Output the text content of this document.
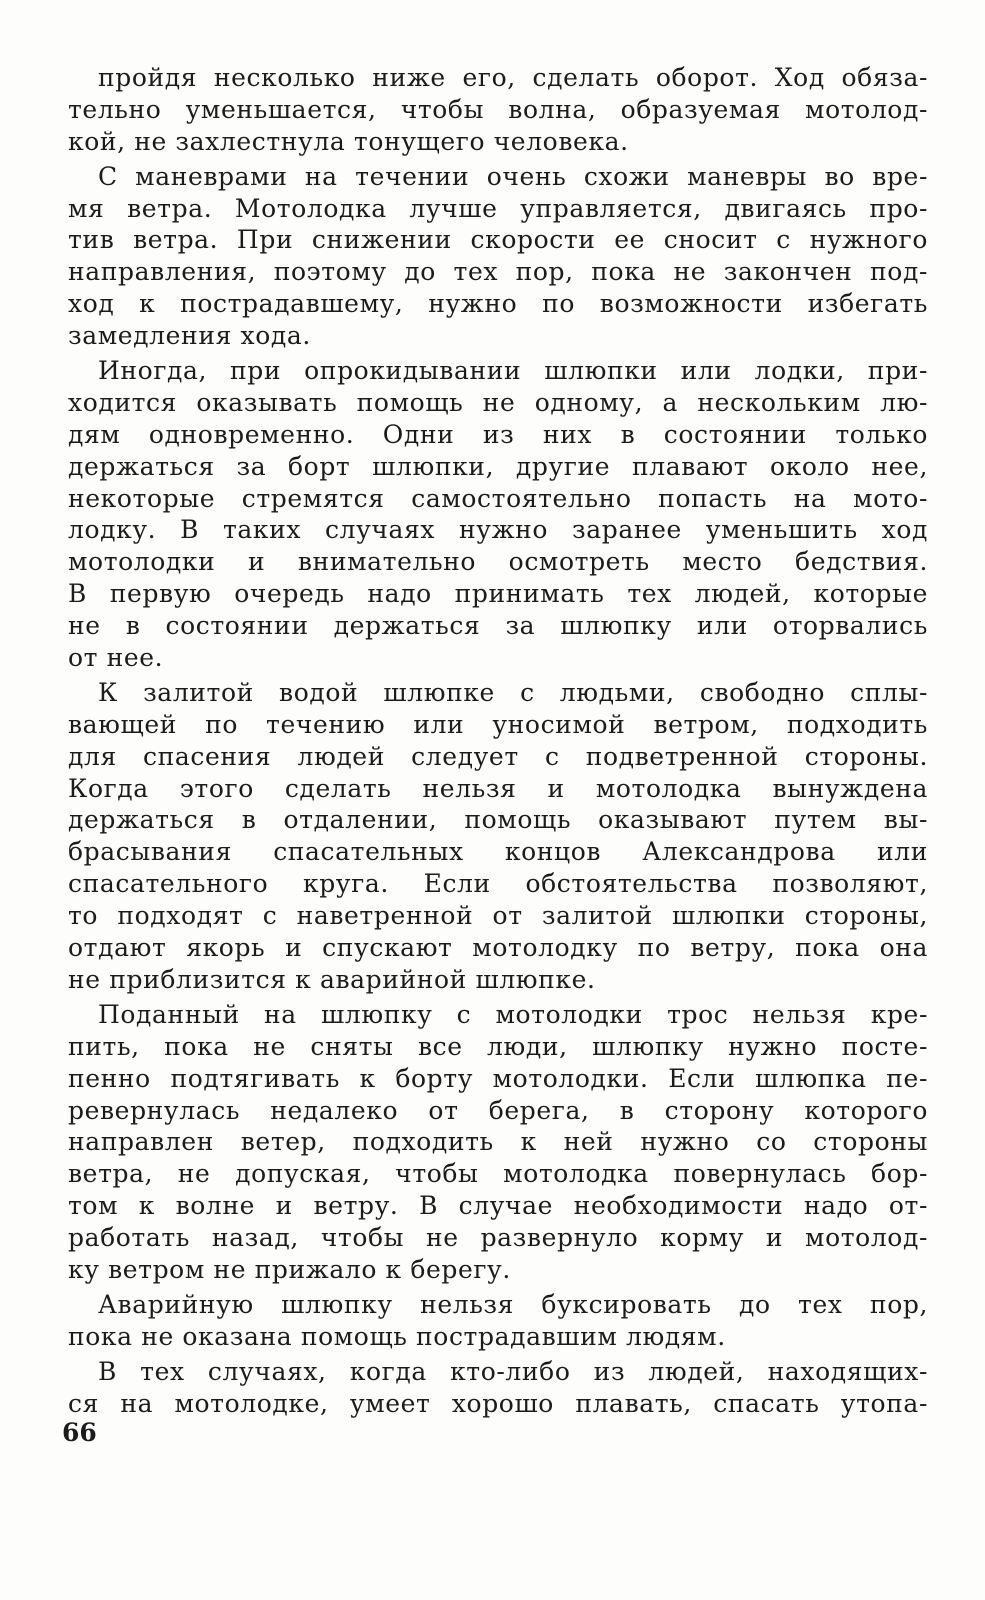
пройдя несколько ниже его, сделать оборот. Ход обяза-
тельно уменьшается, чтобы волна, образуемая мотолод-
кой, не захлестнула тонущего человека.
С маневрами на течении очень схожи маневры во вре-
мя ветра. Мотолодка лучше управляется, двигаясь про-
тив ветра. При снижении скорости ее сносит с нужного
направления, поэтому до тех пор, пока не закончен под-
ход к пострадавшему, нужно по возможности избегать
замедления хода.
Иногда, при опрокидывании шлюпки или лодки, при-
ходится оказывать помощь не одному, а нескольким лю-
дям одновременно. Одни из них в состоянии только
держаться за борт шлюпки, другие плавают около нее,
некоторые стремятся самостоятельно попасть на мото-
лодку. В таких случаях нужно заранее уменьшить ход
мотолодки и внимательно осмотреть место бедствия.
В первую очередь надо принимать тех людей, которые
не в состоянии держаться за шлюпку или оторвались
от нее.
К залитой водой шлюпке с людьми, свободно сплы-
вающей по течению или уносимой ветром, подходить
для спасения людей следует с подветренной стороны.
Когда этого сделать нельзя и мотолодка вынуждена
держаться в отдалении, помощь оказывают путем вы-
брасывания спасательных концов Александрова или
спасательного круга. Если обстоятельства позволяют,
то подходят с наветренной от залитой шлюпки стороны,
отдают якорь и спускают мотолодку по ветру, пока она
не приблизится к аварийной шлюпке.
Поданный на шлюпку с мотолодки трос нельзя кре-
пить, пока не сняты все люди, шлюпку нужно посте-
пенно подтягивать к борту мотолодки. Если шлюпка пе-
ревернулась недалеко от берега, в сторону которого
направлен ветер, подходить к ней нужно со стороны
ветра, не допуская, чтобы мотолодка повернулась бор-
том к волне и ветру. В случае необходимости надо от-
работать назад, чтобы не развернуло корму и мотолод-
ку ветром не прижало к берегу.
Аварийную шлюпку нельзя буксировать до тех пор,
пока не оказана помощь пострадавшим людям.
В тех случаях, когда кто-либо из людей, находящих-
ся на мотолодке, умеет хорошо плавать, спасать утопа-
66
